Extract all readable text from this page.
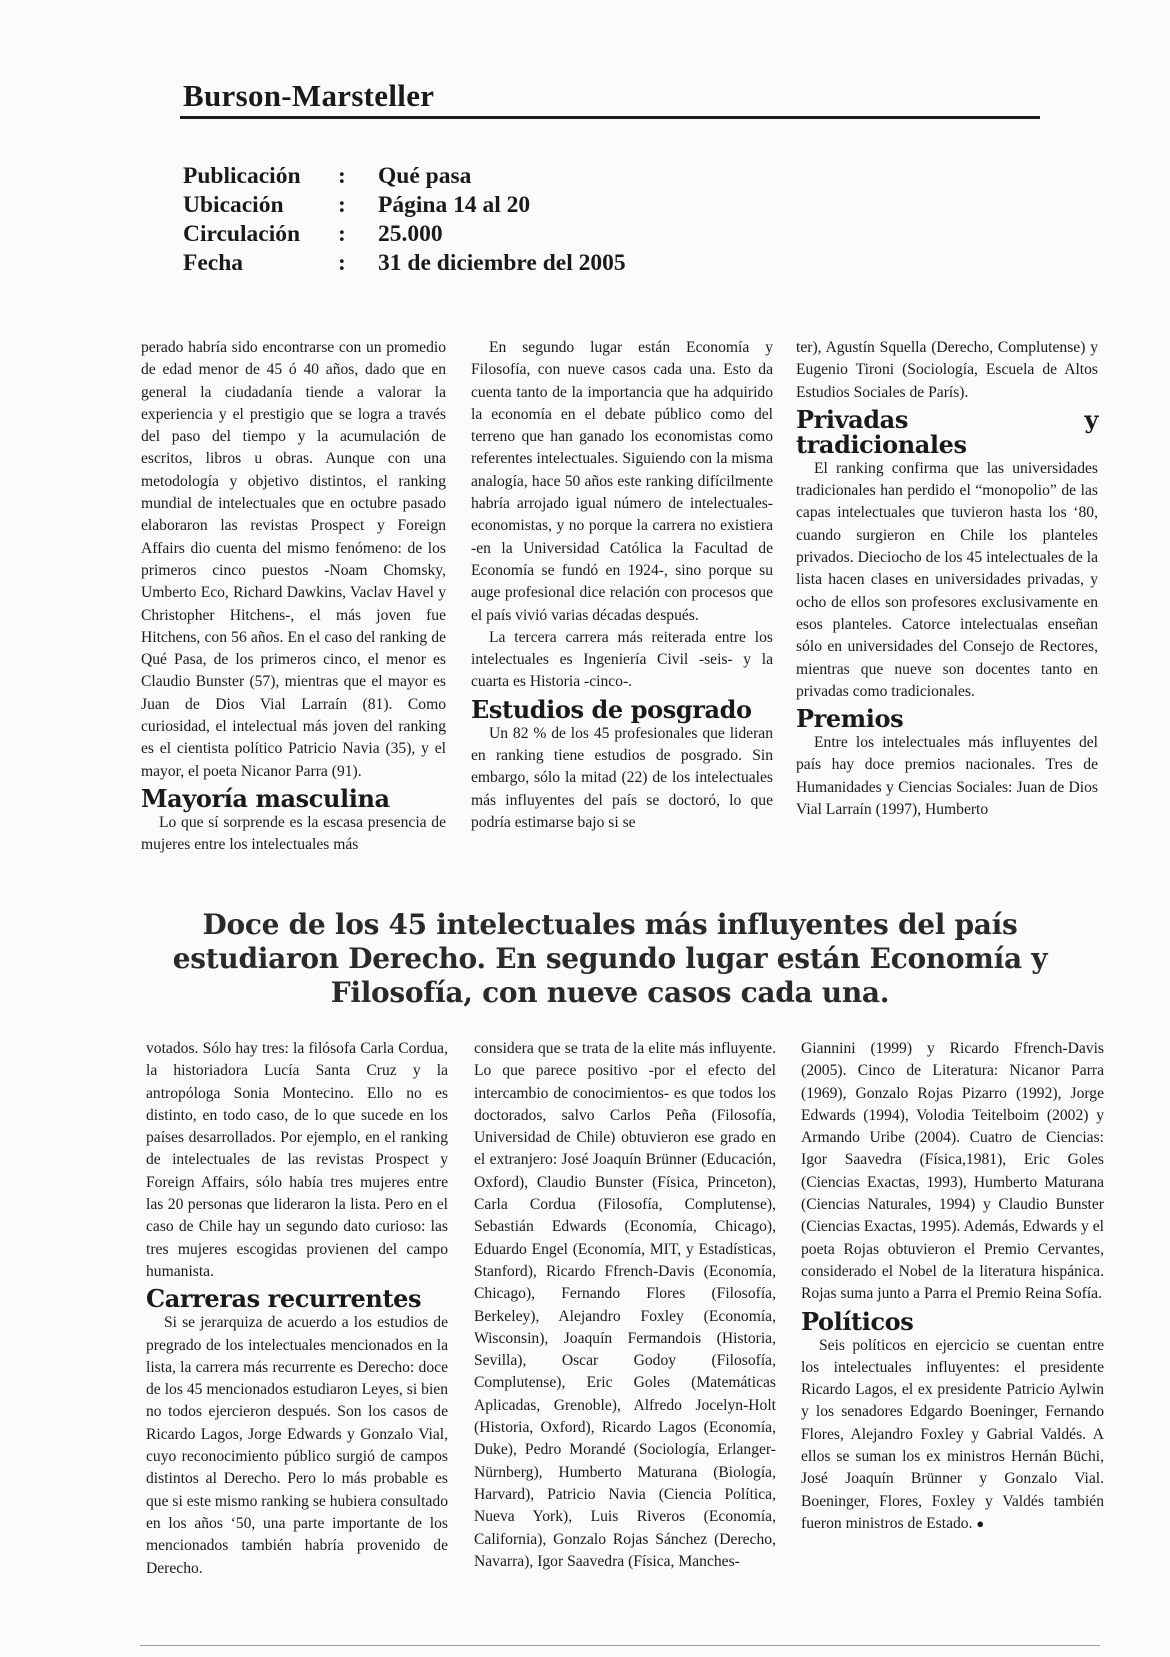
Burson-Marsteller
Publicación	:	Qué pasa
Ubicación	:	Página 14 al 20
Circulación	:	25.000
Fecha	:	31 de diciembre del 2005

perado habría sido encontrarse con un promedio de edad menor de 45 ó 40 años, dado que en general la ciudadanía tiende a valorar la experiencia y el prestigio que se logra a través del paso del tiempo y la acumulación de escritos, libros u obras. Aunque con una metodología y objetivo distintos, el ranking mundial de intelectuales que en octubre pasado elaboraron las revistas Prospect y Foreign Affairs dio cuenta del mismo fenómeno: de los primeros cinco puestos -Noam Chomsky, Umberto Eco, Richard Dawkins, Vaclav Havel y Christopher Hitchens-, el más joven fue Hitchens, con 56 años. En el caso del ranking de Qué Pasa, de los primeros cinco, el menor es Claudio Bunster (57), mientras que el mayor es Juan de Dios Vial Larraín (81). Como curiosidad, el intelectual más joven del ranking es el cientista político Patricio Navia (35), y el mayor, el poeta Nicanor Parra (91).

Mayoría masculina

Lo que sí sorprende es la escasa presencia de mujeres entre los intelectuales más

En segundo lugar están Economía y Filosofía, con nueve casos cada una. Esto da cuenta tanto de la importancia que ha adquirido la economía en el debate público como del terreno que han ganado los economistas como referentes intelectuales. Siguiendo con la misma analogía, hace 50 años este ranking difícilmente habría arrojado igual número de intelectuales-economistas, y no porque la carrera no existiera -en la Universidad Católica la Facultad de Economía se fundó en 1924-, sino porque su auge profesional dice relación con procesos que el país vivió varias décadas después.

La tercera carrera más reiterada entre los intelectuales es Ingeniería Civil -seis- y la cuarta es Historia -cinco-.

Estudios de posgrado

Un 82 % de los 45 profesionales que lideran en ranking tiene estudios de posgrado. Sin embargo, sólo la mitad (22) de los intelectuales más influyentes del país se doctoró, lo que podría estimarse bajo si se

ter), Agustín Squella (Derecho, Complutense) y Eugenio Tironi (Sociología, Escuela de Altos Estudios Sociales de París).

Privadas y tradicionales

El ranking confirma que las universidades tradicionales han perdido el “monopolio” de las capas intelectuales que tuvieron hasta los ‘80, cuando surgieron en Chile los planteles privados. Dieciocho de los 45 intelectuales de la lista hacen clases en universidades privadas, y ocho de ellos son profesores exclusivamente en esos planteles. Catorce intelectualas enseñan sólo en universidades del Consejo de Rectores, mientras que nueve son docentes tanto en privadas como tradicionales.

Premios

Entre los intelectuales más influyentes del país hay doce premios nacionales. Tres de Humanidades y Ciencias Sociales: Juan de Dios Vial Larraín (1997), Humberto

Doce de los 45 intelectuales más influyentes del país estudiaron Derecho. En segundo lugar están Economía y Filosofía, con nueve casos cada una.

votados. Sólo hay tres: la filósofa Carla Cordua, la historiadora Lucía Santa Cruz y la antropóloga Sonia Montecino. Ello no es distinto, en todo caso, de lo que sucede en los países desarrollados. Por ejemplo, en el ranking de intelectuales de las revistas Prospect y Foreign Affairs, sólo había tres mujeres entre las 20 personas que lideraron la lista. Pero en el caso de Chile hay un segundo dato curioso: las tres mujeres escogidas provienen del campo humanista.

Carreras recurrentes

Si se jerarquiza de acuerdo a los estudios de pregrado de los intelectuales mencionados en la lista, la carrera más recurrente es Derecho: doce de los 45 mencionados estudiaron Leyes, si bien no todos ejercieron después. Son los casos de Ricardo Lagos, Jorge Edwards y Gonzalo Vial, cuyo reconocimiento público surgió de campos distintos al Derecho. Pero lo más probable es que si este mismo ranking se hubiera consultado en los años ‘50, una parte importante de los mencionados también habría provenido de Derecho.

considera que se trata de la elite más influyente. Lo que parece positivo -por el efecto del intercambio de conocimientos- es que todos los doctorados, salvo Carlos Peña (Filosofía, Universidad de Chile) obtuvieron ese grado en el extranjero: José Joaquín Brünner (Educación, Oxford), Claudio Bunster (Física, Princeton), Carla Cordua (Filosofía, Complutense), Sebastián Edwards (Economía, Chicago), Eduardo Engel (Economía, MIT, y Estadísticas, Stanford), Ricardo Ffrench-Davis (Economía, Chicago), Fernando Flores (Filosofía, Berkeley), Alejandro Foxley (Economía, Wisconsin), Joaquín Fermandois (Historia, Sevilla), Oscar Godoy (Filosofía, Complutense), Eric Goles (Matemáticas Aplicadas, Grenoble), Alfredo Jocelyn-Holt (Historia, Oxford), Ricardo Lagos (Economía, Duke), Pedro Morandé (Sociología, Erlanger-Nürnberg), Humberto Maturana (Biología, Harvard), Patricio Navia (Ciencia Política, Nueva York), Luis Riveros (Economía, California), Gonzalo Rojas Sánchez (Derecho, Navarra), Igor Saavedra (Física, Manches-

Giannini (1999) y Ricardo Ffrench-Davis (2005). Cinco de Literatura: Nicanor Parra (1969), Gonzalo Rojas Pizarro (1992), Jorge Edwards (1994), Volodia Teitelboim (2002) y Armando Uribe (2004). Cuatro de Ciencias: Igor Saavedra (Física,1981), Eric Goles (Ciencias Exactas, 1993), Humberto Maturana (Ciencias Naturales, 1994) y Claudio Bunster (Ciencias Exactas, 1995). Además, Edwards y el poeta Rojas obtuvieron el Premio Cervantes, considerado el Nobel de la literatura hispánica. Rojas suma junto a Parra el Premio Reina Sofía.

Políticos

Seis políticos en ejercicio se cuentan entre los intelectuales influyentes: el presidente Ricardo Lagos, el ex presidente Patricio Aylwin y los senadores Edgardo Boeninger, Fernando Flores, Alejandro Foxley y Gabrial Valdés. A ellos se suman los ex ministros Hernán Büchi, José Joaquín Brünner y Gonzalo Vial. Boeninger, Flores, Foxley y Valdés también fueron ministros de Estado. ●
